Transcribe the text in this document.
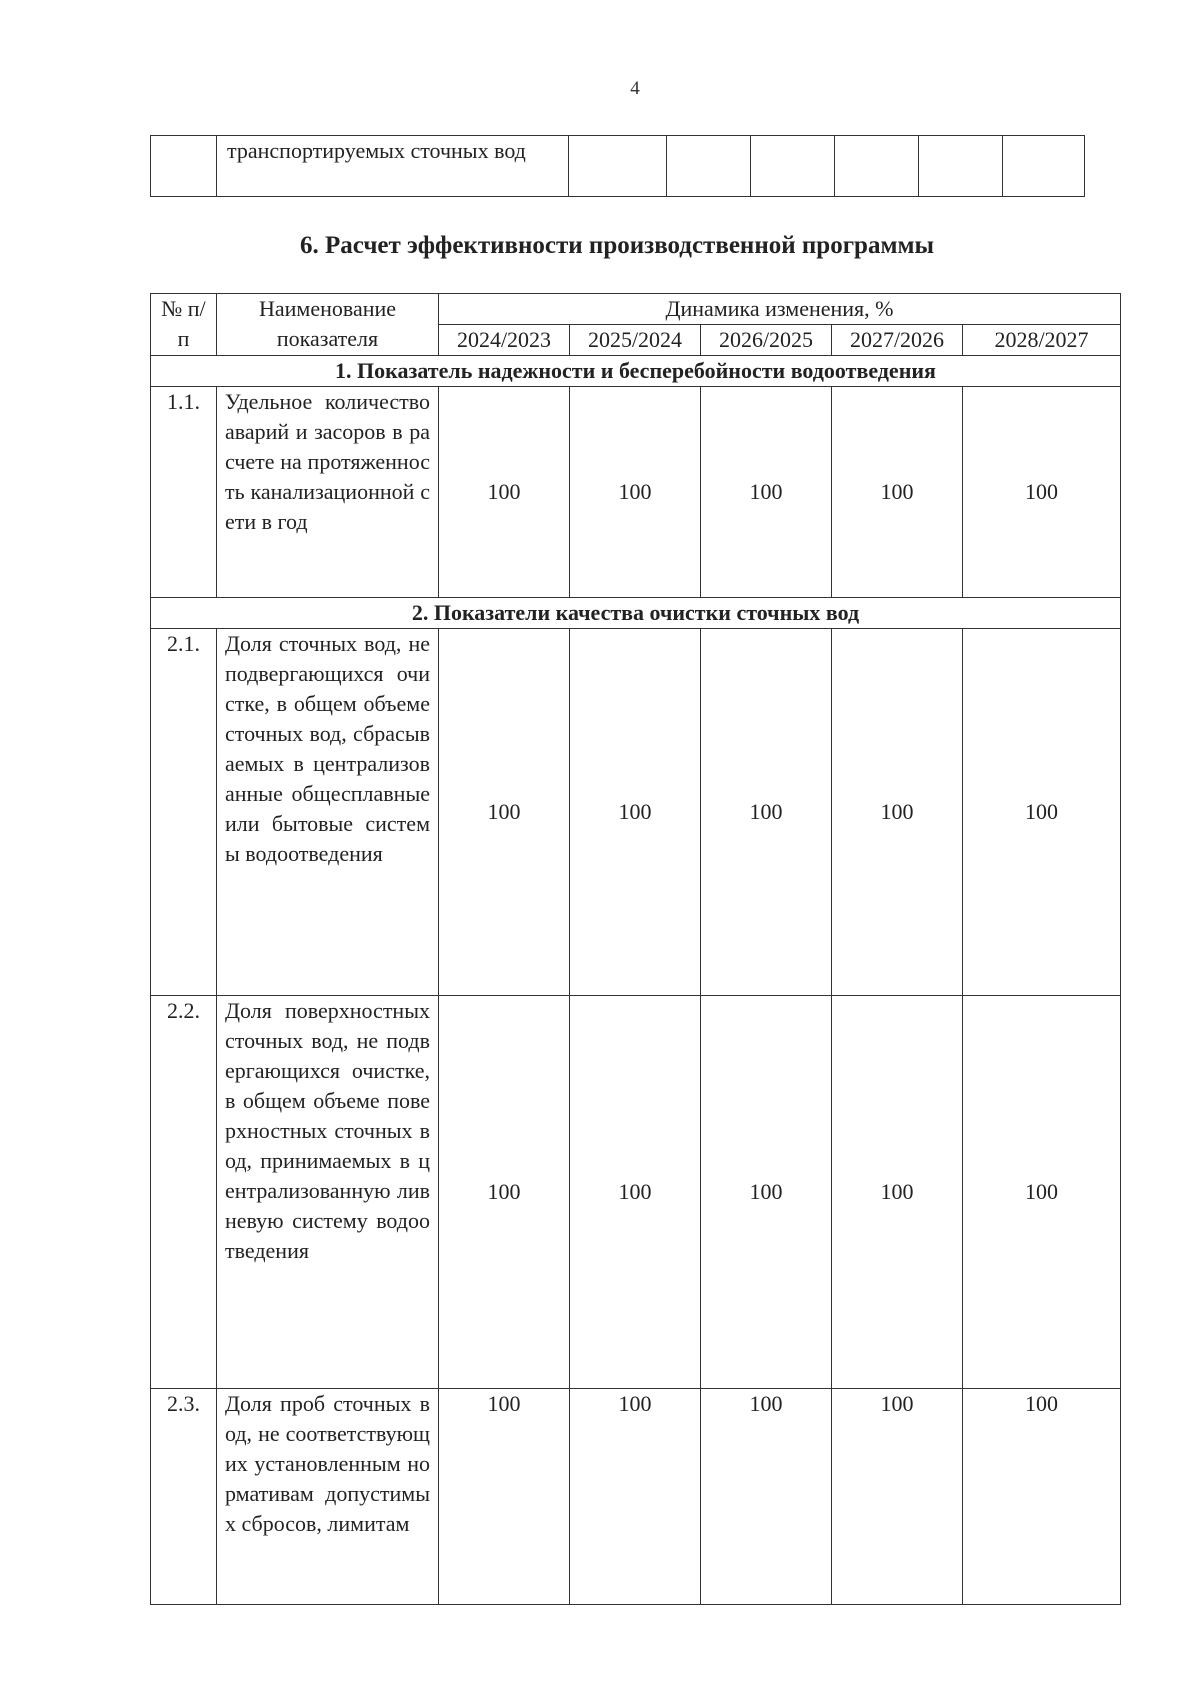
4
	транспортируемых сточных вод						
6. Расчет эффективности производственной программы
№ п/п	Наименование показателя	Динамика изменения, %				
		2024/2023	2025/2024	2026/2025	2027/2026	2028/2027
1. Показатель надежности и бесперебойности водоотведения						
1.1.	Удельное количество аварий и засоров в расчете на протяженность канализационной сети в год	100	100	100	100	100
2. Показатели качества очистки сточных вод						
2.1.	Доля сточных вод, не подвергающихся очистке, в общем объеме сточных вод, сбрасываемых в централизованные общесплавные или бытовые системы водоотведения	100	100	100	100	100
2.2.	Доля поверхностных сточных вод, не подвергающихся очистке, в общем объеме поверхностных сточных вод, принимаемых в централизованную ливневую систему водоотведения	100	100	100	100	100
2.3.	Доля проб сточных вод, не соответствующих установленным нормативам допустимых сбросов, лимитам	100	100	100	100	100
